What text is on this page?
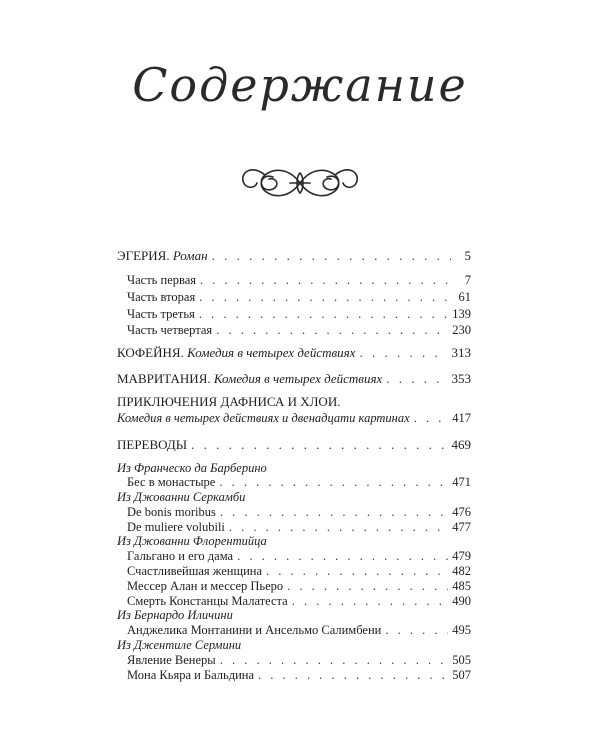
Содержание
ЭГЕРИЯ. Роман . . .	5
Часть первая . . .	7
Часть вторая . . .	61
Часть третья . . .	139
Часть четвертая . . .	230
КОФЕЙНЯ. Комедия в четырех действиях . . .	313
МАВРИТАНИЯ. Комедия в четырех действиях . . .	353
ПРИКЛЮЧЕНИЯ ДАФНИСА И ХЛОИ.
Комедия в четырех действиях и двенадцати картинах . . .	417
ПЕРЕВОДЫ . . .	469
Из Франческо да Барберино
Бес в монастыре . . .	471
Из Джованни Серкамби
De bonis moribus . . .	476
De muliere volubili . . .	477
Из Джованни Флорентийца
Гальгано и его дама . . .	479
Счастливейшая женщина . . .	482
Мессер Алан и мессер Пьеро . . .	485
Смерть Констанцы Малатеста . . .	490
Из Бернардо Иличини
Анджелика Монтанини и Ансельмо Салимбени . . .	495
Из Джентиле Сермини
Явление Венеры . . .	505
Мона Кьяра и Бальдина . . .	507
